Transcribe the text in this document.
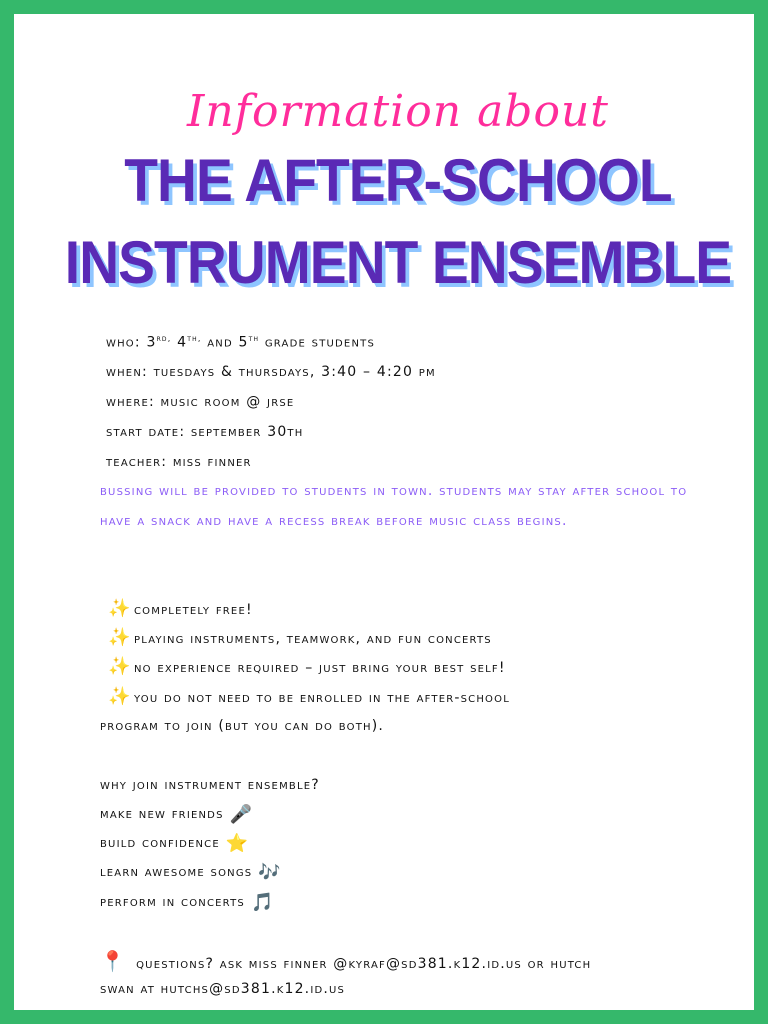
Information about
THE AFTER-SCHOOL
INSTRUMENT ENSEMBLE
who: $3^{rd,}$ $4^{th,}$ and 5th grade students
when: tuesdays & thursdays, 3:40 – 4:20 pm
where: music room @ jrse
start date: september 30th
teacher: miss finner
bussing will be provided to students in town. students may stay after school to have a snack and have a recess break before music class begins.
✨ completely free!
✨ playing instruments, teamwork, and fun concerts
✨ no experience required – just bring your best self!
✨ you do not need to be enrolled in the after-school
program to join (but you can do both).
why join instrument ensemble?
make new friends 🎤
build confidence ⭐
learn awesome songs 🎶
perform in concerts 🎵
📍 questions? ask miss finner @kyraf@sd381.k12.id.us or hutch
swan at hutchs@sd381.k12.id.us
